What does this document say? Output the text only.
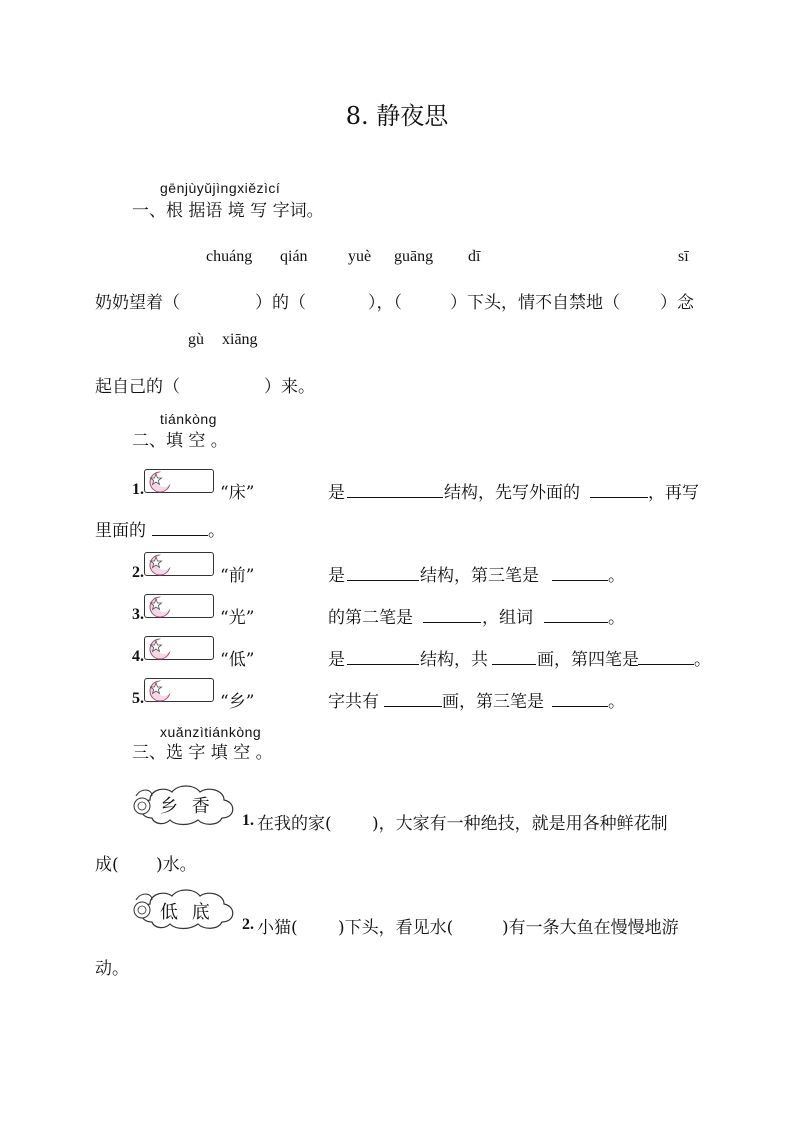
8. 静夜思
gēnjùyǔjìngxiězìcí
一、根 据语 境 写 字词。
chuáng qián	yuè guāng dī	sī
奶奶望着（	）的（	），（	）下头，情不自禁地（ ）念
gù xiāng
起自己的（	）来。
tiánkòng
二、填 空 。
1.	“床”	是	结构，先写外面的	，再写
里面的	。
2.	“前”	是	结构，第三笔是	。
3.	“光”	的第二笔是	，组词	。
4.	“低”	是	结构，共	画，第四笔是	。
5.	“乡”	字共有	画，第三笔是	。
xuǎnzìtiánkòng
三、选 字 填 空 。
乡 香
1. 在我的家( )，大家有一种绝技，就是用各种鲜花制
成( )水。
低 底
2. 小猫( )下头，看见水(	)有一条大鱼在慢慢地游
动。
